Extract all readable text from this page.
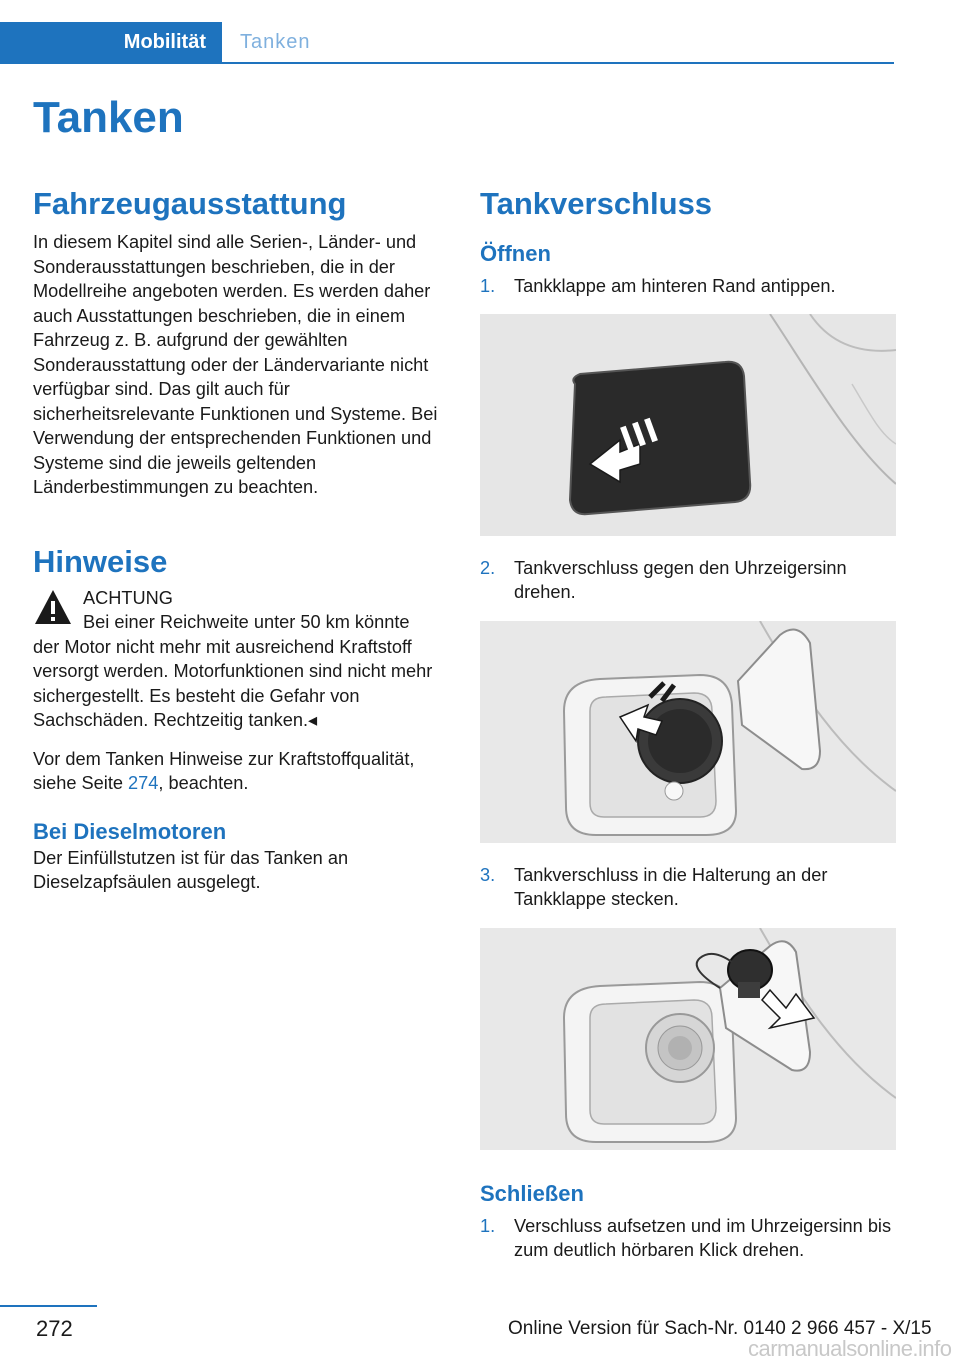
Mobilität	Tanken
Tanken
Fahrzeugausstattung

In diesem Kapitel sind alle Serien-, Länder- und Sonderausstattungen beschrieben, die in der Modellreihe angeboten werden. Es werden daher auch Ausstattungen beschrieben, die in einem Fahrzeug z. B. aufgrund der gewählten Sonderausstattung oder der Ländervariante nicht verfügbar sind. Das gilt auch für sicherheitsrelevante Funktionen und Systeme. Bei Verwendung der entsprechenden Funktionen und Systeme sind die jeweils geltenden Länderbestimmungen zu beachten.

Hinweise
ACHTUNG

Bei einer Reichweite unter 50 km könnte

der Motor nicht mehr mit ausreichend Kraftstoff versorgt werden. Motorfunktionen sind nicht mehr sichergestellt. Es besteht die Gefahr von Sachschäden. Rechtzeitig tanken.◂

Vor dem Tanken Hinweise zur Kraftstoffqualität, siehe Seite 274, beachten.

Bei Dieselmotoren

Der Einfüllstutzen ist für das Tanken an Dieselzapfsäulen ausgelegt.

Tankverschluss
Öffnen
1. Tankklappe am hinteren Rand antippen.
2. Tankverschluss gegen den Uhrzeigersinn drehen.
3. Tankverschluss in die Halterung an der Tankklappe stecken.
Schließen
1. Verschluss aufsetzen und im Uhrzeigersinn bis zum deutlich hörbaren Klick drehen.
272	Online Version für Sach-Nr. 0140 2 966 457 - X/15
carmanualsonline.info
